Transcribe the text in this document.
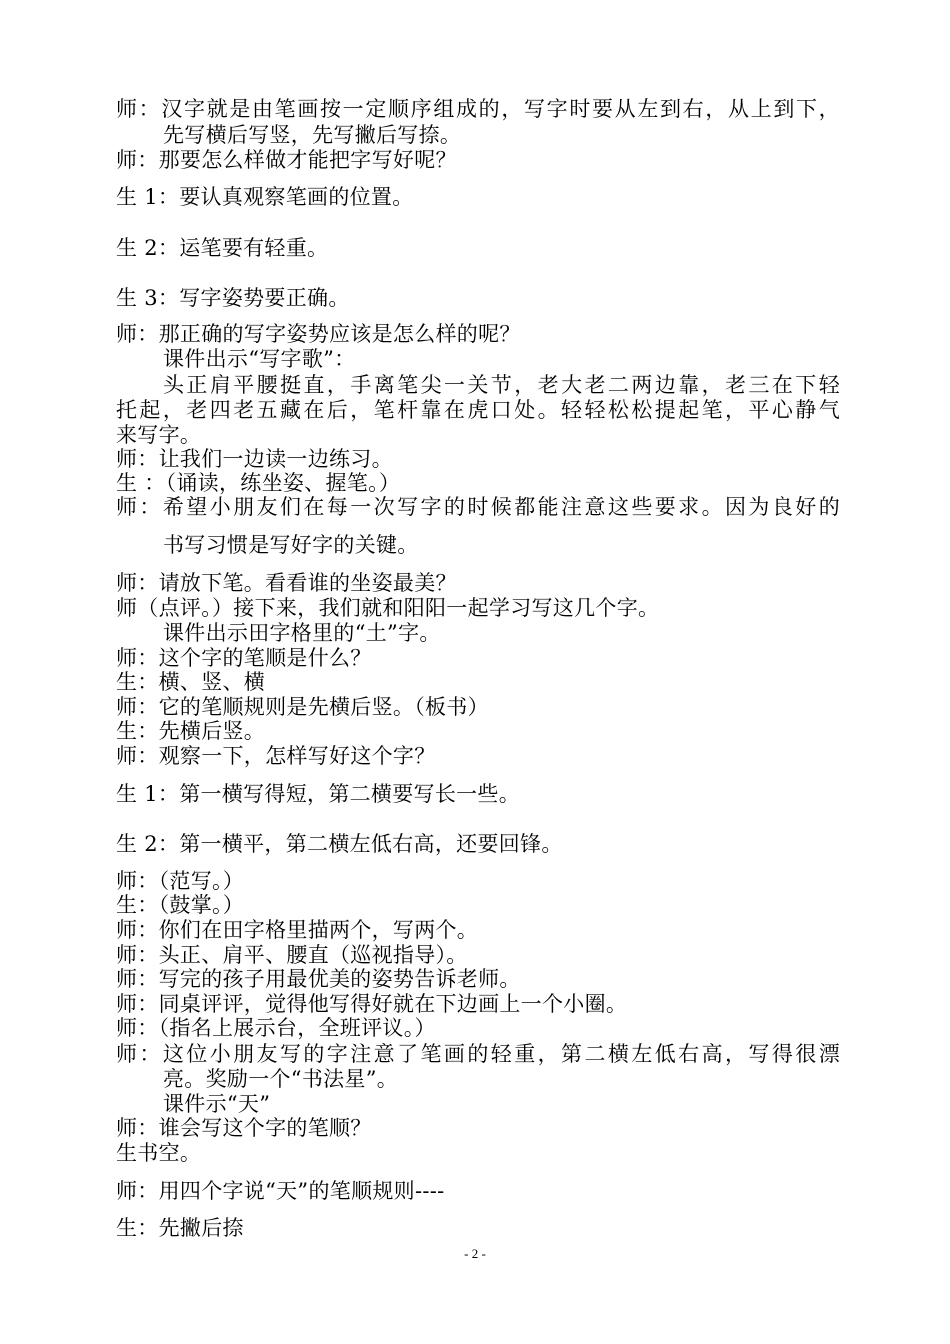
师：汉字就是由笔画按一定顺序组成的，写字时要从左到右，从上到下，
先写横后写竖，先写撇后写捺。
师：那要怎么样做才能把字写好呢？
生 1：要认真观察笔画的位置。
生 2：运笔要有轻重。
生 3：写字姿势要正确。
师：那正确的写字姿势应该是怎么样的呢？
课件出示“写字歌”：
头正肩平腰挺直，手离笔尖一关节，老大老二两边靠，老三在下轻
托起，老四老五藏在后，笔杆靠在虎口处。轻轻松松提起笔，平心静气
来写字。
师：让我们一边读一边练习。
生 ：（诵读，练坐姿、握笔。）
师：希望小朋友们在每一次写字的时候都能注意这些要求。因为良好的
书写习惯是写好字的关键。
师：请放下笔。看看谁的坐姿最美？
师（点评。）接下来，我们就和阳阳一起学习写这几个字。
课件出示田字格里的“土”字。
师：这个字的笔顺是什么？
生：横、竖、横
师：它的笔顺规则是先横后竖。（板书）
生：先横后竖。
师：观察一下，怎样写好这个字？
生 1：第一横写得短，第二横要写长一些。
生 2：第一横平，第二横左低右高，还要回锋。
师：（范写。）
生：（鼓掌。）
师：你们在田字格里描两个，写两个。
师：头正、肩平、腰直（巡视指导）。
师：写完的孩子用最优美的姿势告诉老师。
师：同桌评评，觉得他写得好就在下边画上一个小圈。
师：（指名上展示台，全班评议。）
师：这位小朋友写的字注意了笔画的轻重，第二横左低右高，写得很漂
亮。奖励一个“书法星”。
课件示“天”
师：谁会写这个字的笔顺？
生书空。
师：用四个字说“天”的笔顺规则----
生：先撇后捺
- 2 -
